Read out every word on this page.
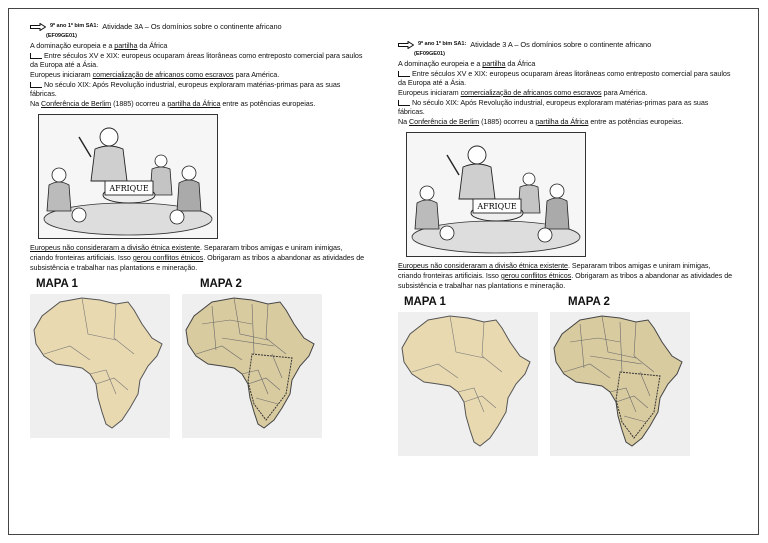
9º ano 1º bim SA1: Atividade 3A – Os domínios sobre o continente africano
(EF09GE01)

A dominação europeia e a partilha da África

Entre séculos XV e XIX: europeus ocuparam áreas litorâneas como entreposto comercial para saulos da Europa até a Ásia.

Europeus iniciaram comercialização de africanos como escravos para América.

No século XIX: Após Revolução industrial, europeus exploraram matérias-primas para as suas fábricas.

Na Conferência de Berlim (1885) ocorreu a partilha da África entre as potências europeias.

AFRIQUE

Europeus não consideraram a divisão étnica existente. Separaram tribos amigas e uniram inimigas, criando fronteiras artificiais. Isso gerou conflitos étnicos. Obrigaram as tribos a abandonar as atividades de subsistência e trabalhar nas plantations e mineração.

MAPA 1	MAPA 2
9º ano 1º bim SA1: Atividade 3 A – Os domínios sobre o continente africano
(EF09GE01)

A dominação europeia e a partilha da África

Entre séculos XV e XIX: europeus ocuparam áreas litorâneas como entreposto comercial para saulos da Europa até a Ásia.

Europeus iniciaram comercialização de africanos como escravos para América.

No século XIX: Após Revolução industrial, europeus exploraram matérias-primas para as suas fábricas.

Na Conferência de Berlim (1885) ocorreu a partilha da África entre as potências europeias.

AFRIQUE

Europeus não consideraram a divisão étnica existente. Separaram tribos amigas e uniram inimigas, criando fronteiras artificiais. Isso gerou conflitos étnicos. Obrigaram as tribos a abandonar as atividades de subsistência e trabalhar nas plantations e mineração.

MAPA 1	MAPA 2
